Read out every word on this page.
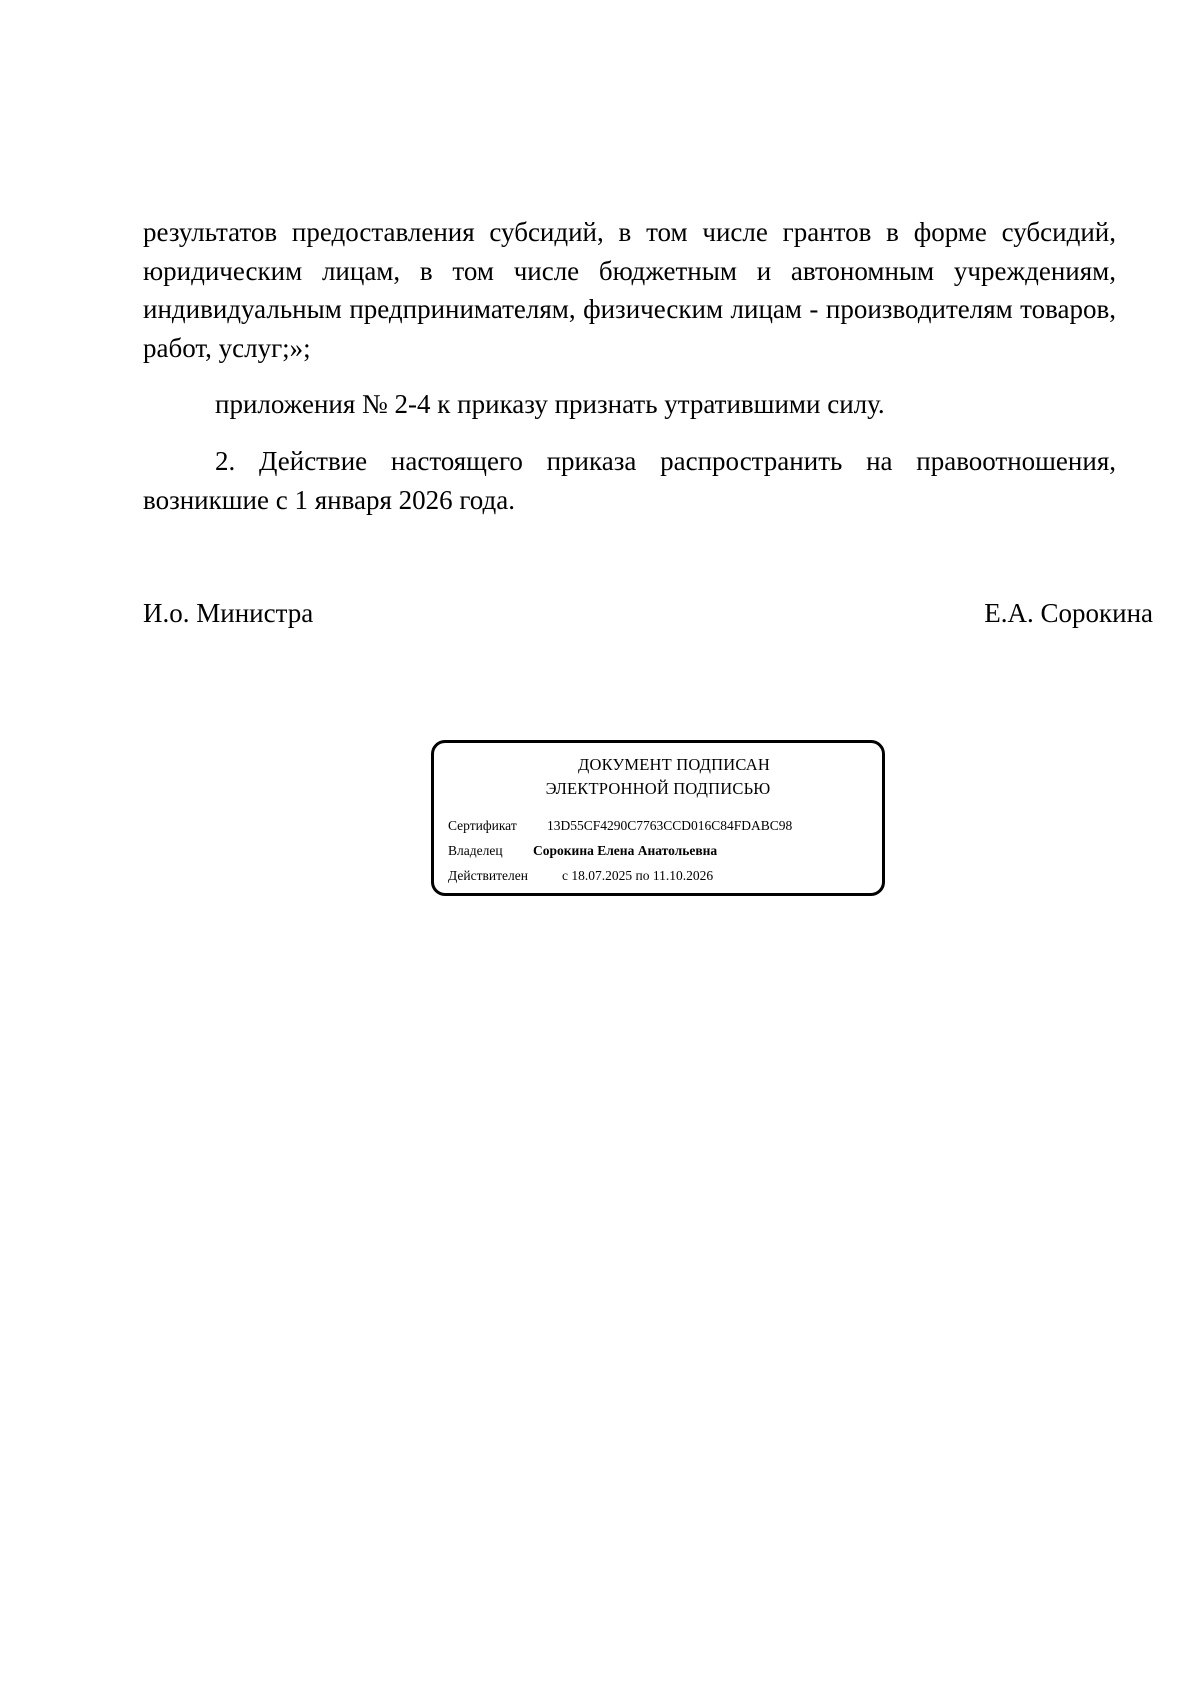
результатов предоставления субсидий, в том числе грантов в форме субсидий, юридическим лицам, в том числе бюджетным и автономным учреждениям, индивидуальным предпринимателям, физическим лицам - производителям товаров, работ, услуг;»;

приложения № 2-4 к приказу признать утратившими силу.

2. Действие настоящего приказа распространить на правоотношения, возникшие с 1 января 2026 года.

И.о. Министра	Е.А. Сорокина
ДОКУМЕНТ ПОДПИСАН
ЭЛЕКТРОННОЙ ПОДПИСЬЮ
Сертификат 13D55CF4290C7763CCD016C84FDABC98
Владелец Сорокина Елена Анатольевна
Действителен	с 18.07.2025 по 11.10.2026
